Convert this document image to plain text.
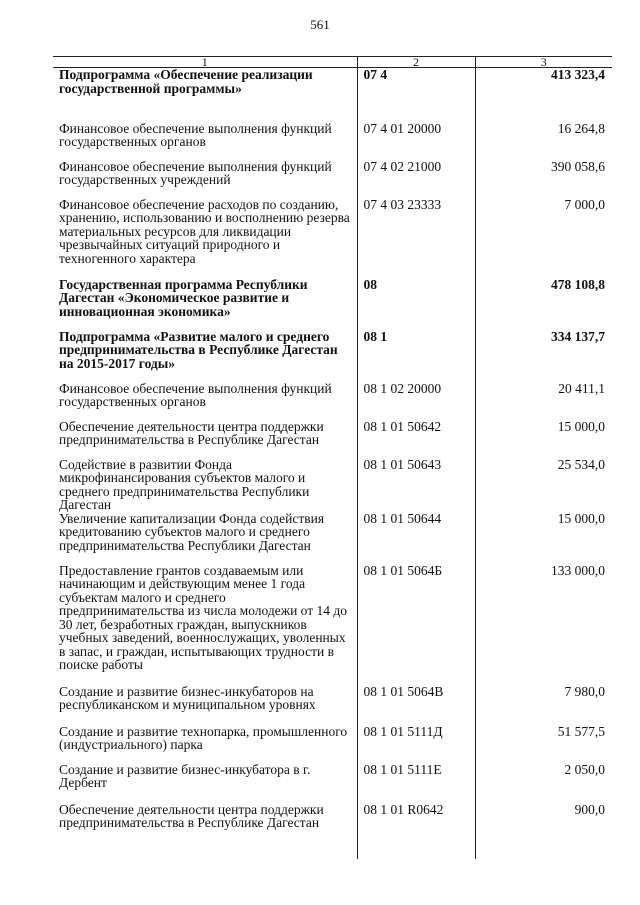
561
1	2	3
Подпрограмма «Обеспечение реализации государственной программы»	07 4	413 323,4
Финансовое обеспечение выполнения функций государственных органов	07 4 01 20000	16 264,8
Финансовое обеспечение выполнения функций государственных учреждений	07 4 02 21000	390 058,6
Финансовое обеспечение расходов по созданию, хранению, использованию и восполнению резерва материальных ресурсов для ликвидации чрезвычайных ситуаций природного и техногенного характера	07 4 03 23333	7 000,0
Государственная программа Республики Дагестан «Экономическое развитие и инновационная экономика»	08	478 108,8
Подпрограмма «Развитие малого и среднего предпринимательства в Республике Дагестан на 2015-2017 годы»	08 1	334 137,7
Финансовое обеспечение выполнения функций государственных органов	08 1 02 20000	20 411,1
Обеспечение деятельности центра поддержки предпринимательства в Республике Дагестан	08 1 01 50642	15 000,0
Содействие в развитии Фонда микрофинансирования субъектов малого и среднего предпринимательства Республики Дагестан	08 1 01 50643	25 534,0
Увеличение капитализации Фонда содействия кредитованию субъектов малого и среднего предпринимательства Республики Дагестан	08 1 01 50644	15 000,0
Предоставление грантов создаваемым или начинающим и действующим менее 1 года субъектам малого и среднего предпринимательства из числа молодежи от 14 до 30 лет, безработных граждан, выпускников учебных заведений, военнослужащих, уволенных в запас, и граждан, испытывающих трудности в поиске работы	08 1 01 5064Б	133 000,0
Создание и развитие бизнес-инкубаторов на республиканском и муниципальном уровнях	08 1 01 5064В	7 980,0
Создание и развитие технопарка, промышленного (индустриального) парка	08 1 01 5111Д	51 577,5
Создание и развитие бизнес-инкубатора в г. Дербент	08 1 01 5111Е	2 050,0
Обеспечение деятельности центра поддержки предпринимательства в Республике Дагестан	08 1 01 R0642	900,0
